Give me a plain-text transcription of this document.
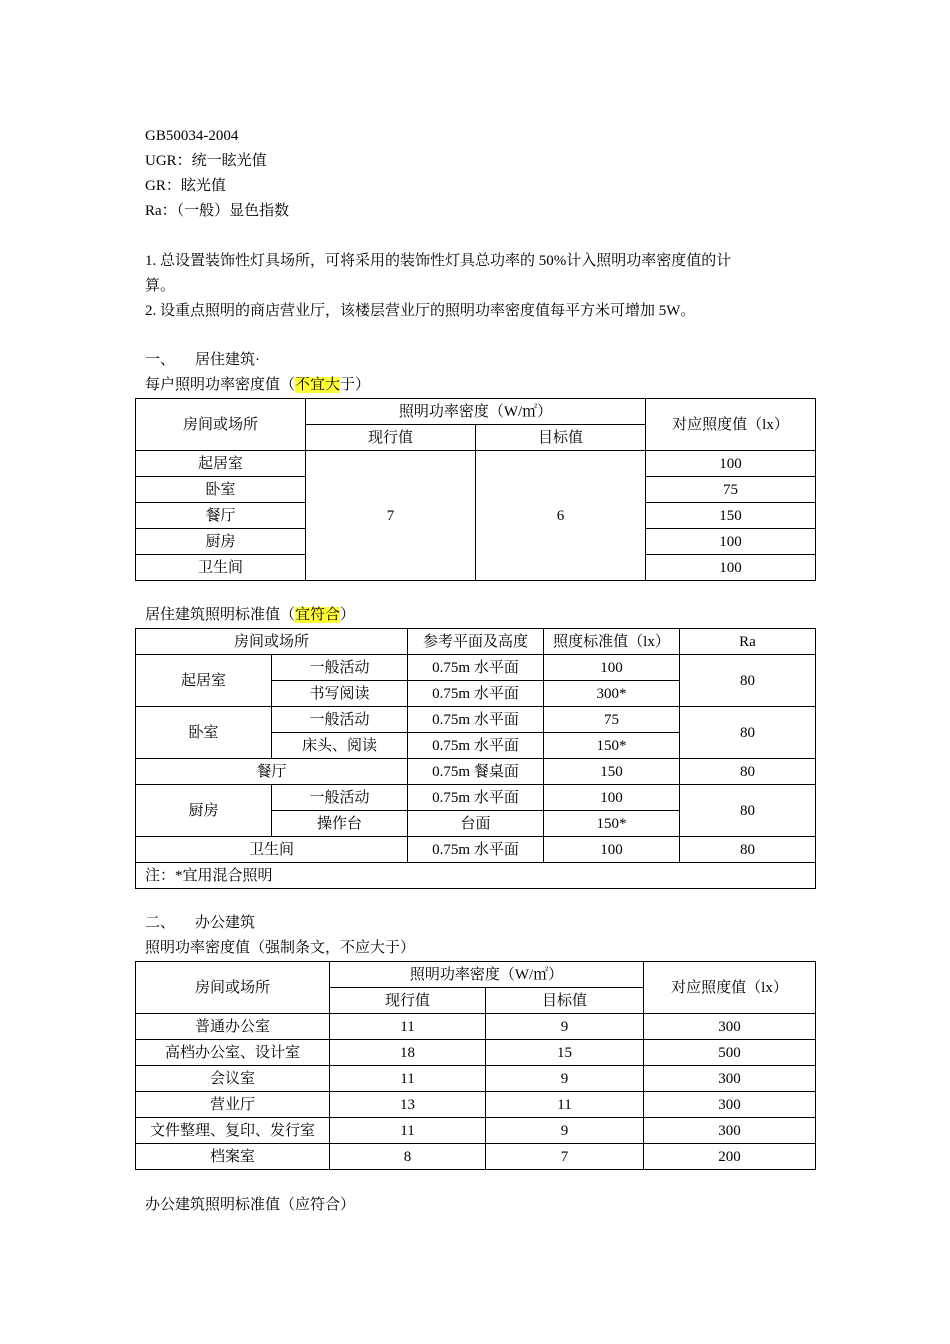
GB50034-2004
UGR：统一眩光值
GR：眩光值
Ra：（一般）显色指数
1. 总设置装饰性灯具场所，可将采用的装饰性灯具总功率的 50%计入照明功率密度值的计
算。
2. 设重点照明的商店营业厅，该楼层营业厅的照明功率密度值每平方米可增加 5W。
一、 居住建筑·
每户照明功率密度值（不宜大于）
房间或场所	照明功率密度（W/㎡）		对应照度值（lx）
	现行值	目标值	
起居室	7	6	100
卧室			75
餐厅			150
厨房			100
卫生间			100
居住建筑照明标准值（宜符合）
房间或场所		参考平面及高度	照度标准值（lx）	Ra
起居室	一般活动	0.75m 水平面	100	80
	书写阅读	0.75m 水平面	300*	
卧室	一般活动	0.75m 水平面	75	80
	床头、阅读	0.75m 水平面	150*	
餐厅		0.75m 餐桌面	150	80
厨房	一般活动	0.75m 水平面	100	80
	操作台	台面	150*	
卫生间		0.75m 水平面	100	80
注：*宜用混合照明				
二、 办公建筑
照明功率密度值（强制条文，不应大于）
房间或场所	照明功率密度（W/㎡）		对应照度值（lx）
	现行值	目标值	
普通办公室	11	9	300
高档办公室、设计室	18	15	500
会议室	11	9	300
营业厅	13	11	300
文件整理、复印、发行室	11	9	300
档案室	8	7	200
办公建筑照明标准值（应符合）
